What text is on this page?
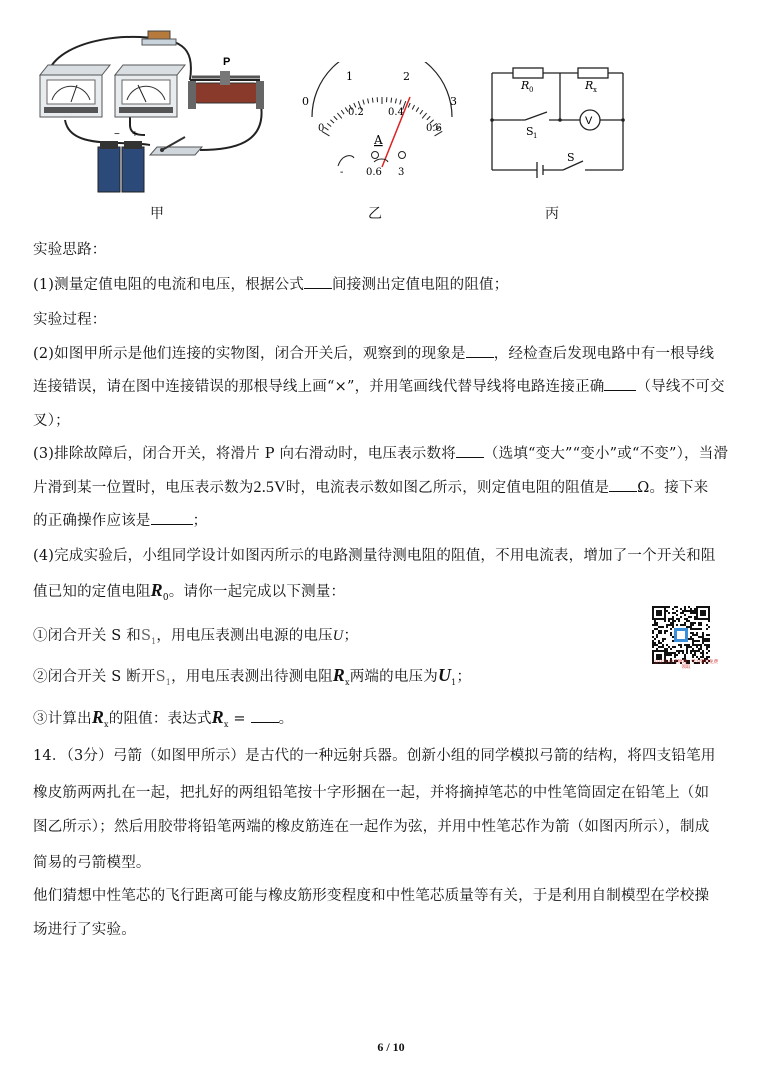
P
− +
甲
0
1	2
3
0
0.2 0.4
0.6
A
- 0.6 3
乙
R 0	R x
S 1
V
S
丙
实验思路：
(1)测量定值电阻的电流和电压，根据公式 间接测出定值电阻的阻值；
实验过程：
(2)如图甲所示是他们连接的实物图，闭合开关后，观察到的现象是 ，经检查后发现电路中有一根导线
连接错误，请在图中连接错误的那根导线上画“×”，并用笔画线代替导线将电路连接正确 （导线不可交
叉）；
(3)排除故障后，闭合开关，将滑片 P 向右滑动时，电压表示数将 （选填“变大”“变小”或“不变”），当滑
片滑到某一位置时，电压表示数为2.5V时，电流表示数如图乙所示，则定值电阻的阻值是 Ω。接下来
的正确操作应该是	；
(4)完成实验后，小组同学设计如图丙所示的电路测量待测电阻的阻值，不用电流表，增加了一个开关和阻
值已知的定值电阻$R_0$。请你一起完成以下测量：
①闭合开关 S 和$S_1$，用电压表测出电源的电压U；
②闭合开关 S 断开$S_1$，用电压表测出待测电阻$R_x$两端的电压为$U_1$；
③计算出$R_x$的阻值：表达式$R_x$ = 。
14．（3分）弓箭（如图甲所示）是古代的一种远射兵器。创新小组的同学模拟弓箭的结构，将四支铅笔用
橡皮筋两两扎在一起，把扎好的两组铅笔按十字形捆在一起，并将摘掉笔芯的中性笔筒固定在铅笔上（如
图乙所示）；然后用胶带将铅笔两端的橡皮筋连在一起作为弦，并用中性笔芯作为箭（如图丙所示），制成
简易的弓箭模型。
他们猜想中性笔芯的飞行距离可能与橡皮筋形变程度和中性笔芯质量等有关，于是利用自制模型在学校操
场进行了实验。
公众号:中考物理 · 学习资料免费领取
6 / 10
